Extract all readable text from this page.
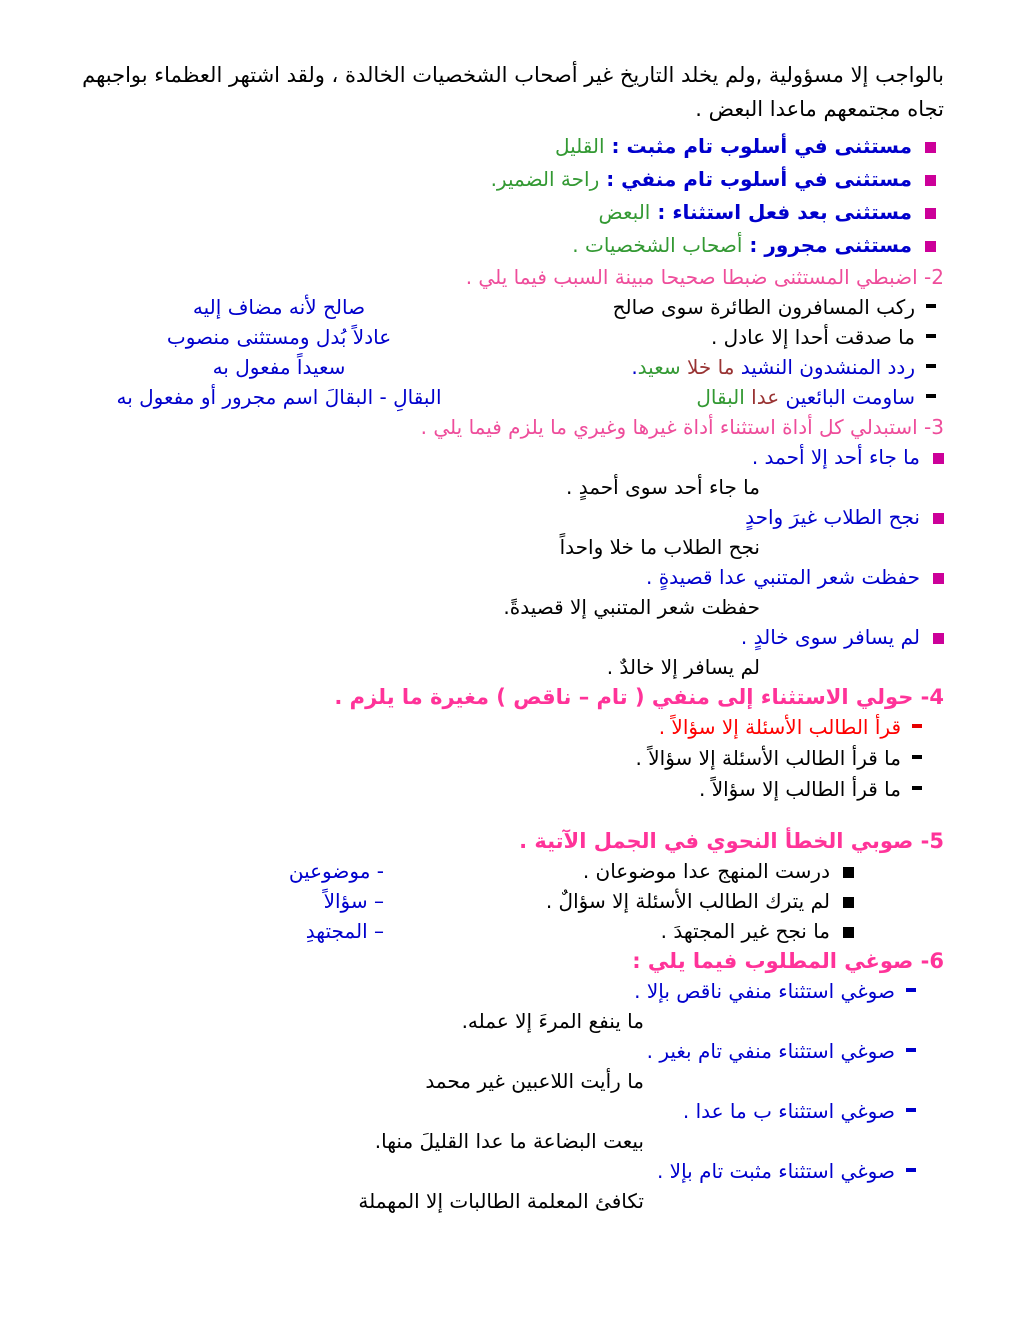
بالواجب إلا مسؤولية ,ولم يخلد التاريخ غير أصحاب الشخصيات الخالدة ، ولقد اشتهر العظماء بواجبهم
تجاه مجتمعهم ماعدا البعض .
مستثنى في أسلوب تام مثبت : القليل
مستثنى في أسلوب تام منفي : راحة الضمير.
مستثنى بعد فعل استثناء : البعض
مستثنى مجرور : أصحاب الشخصيات .
2- اضبطي المستثنى ضبطا صحيحا مبينة السبب فيما يلي .
ركب المسافرون الطائرة سوى صالح
صالح لأنه مضاف إليه
ما صدقت أحدا إلا عادل .
عادلاً بُدل ومستثنى منصوب
ردد المنشدون النشيد ما خلا سعيد.
سعيداً مفعول به
ساومت البائعين عدا البقال
البقالِ - البقالَ اسم مجرور أو مفعول به
3- استبدلي كل أداة استثناء أداة غيرها وغيري ما يلزم فيما يلي .
ما جاء أحد إلا أحمد .
ما جاء أحد سوى أحمدٍ .
نجح الطلاب غيرَ واحدٍ
نجح الطلاب ما خلا واحداً
حفظت شعر المتنبي عدا قصيدةٍ .
حفظت شعر المتنبي إلا قصيدةً.
لم يسافر سوى خالدٍ .
لم يسافر إلا خالدٌ .
4- حولي الاستثناء إلى منفي ( تام – ناقص ) مغيرة ما يلزم .
قرأ الطالب الأسئلة إلا سؤالاً .
ما قرأ الطالب الأسئلة إلا سؤالاً .
ما قرأ الطالب إلا سؤالاً .
5- صوبي الخطأ النحوي في الجمل الآتية .
درست المنهج عدا موضوعان .
- موضوعين
لم يترك الطالب الأسئلة إلا سؤالٌ .
– سؤالاً
ما نجح غير المجتهدَ .
– المجتهدِ
6- صوغي المطلوب فيما يلي :
صوغي استثناء منفي ناقص بإلا .
ما ينفع المرءَ إلا عمله.
صوغي استثناء منفي تام بغير .
ما رأيت اللاعبين غير محمد
صوغي استثناء ب ما عدا .
بيعت البضاعة ما عدا القليلَ منها.
صوغي استثناء مثبت تام بإلا .
تكافئ المعلمة الطالبات إلا المهملة
